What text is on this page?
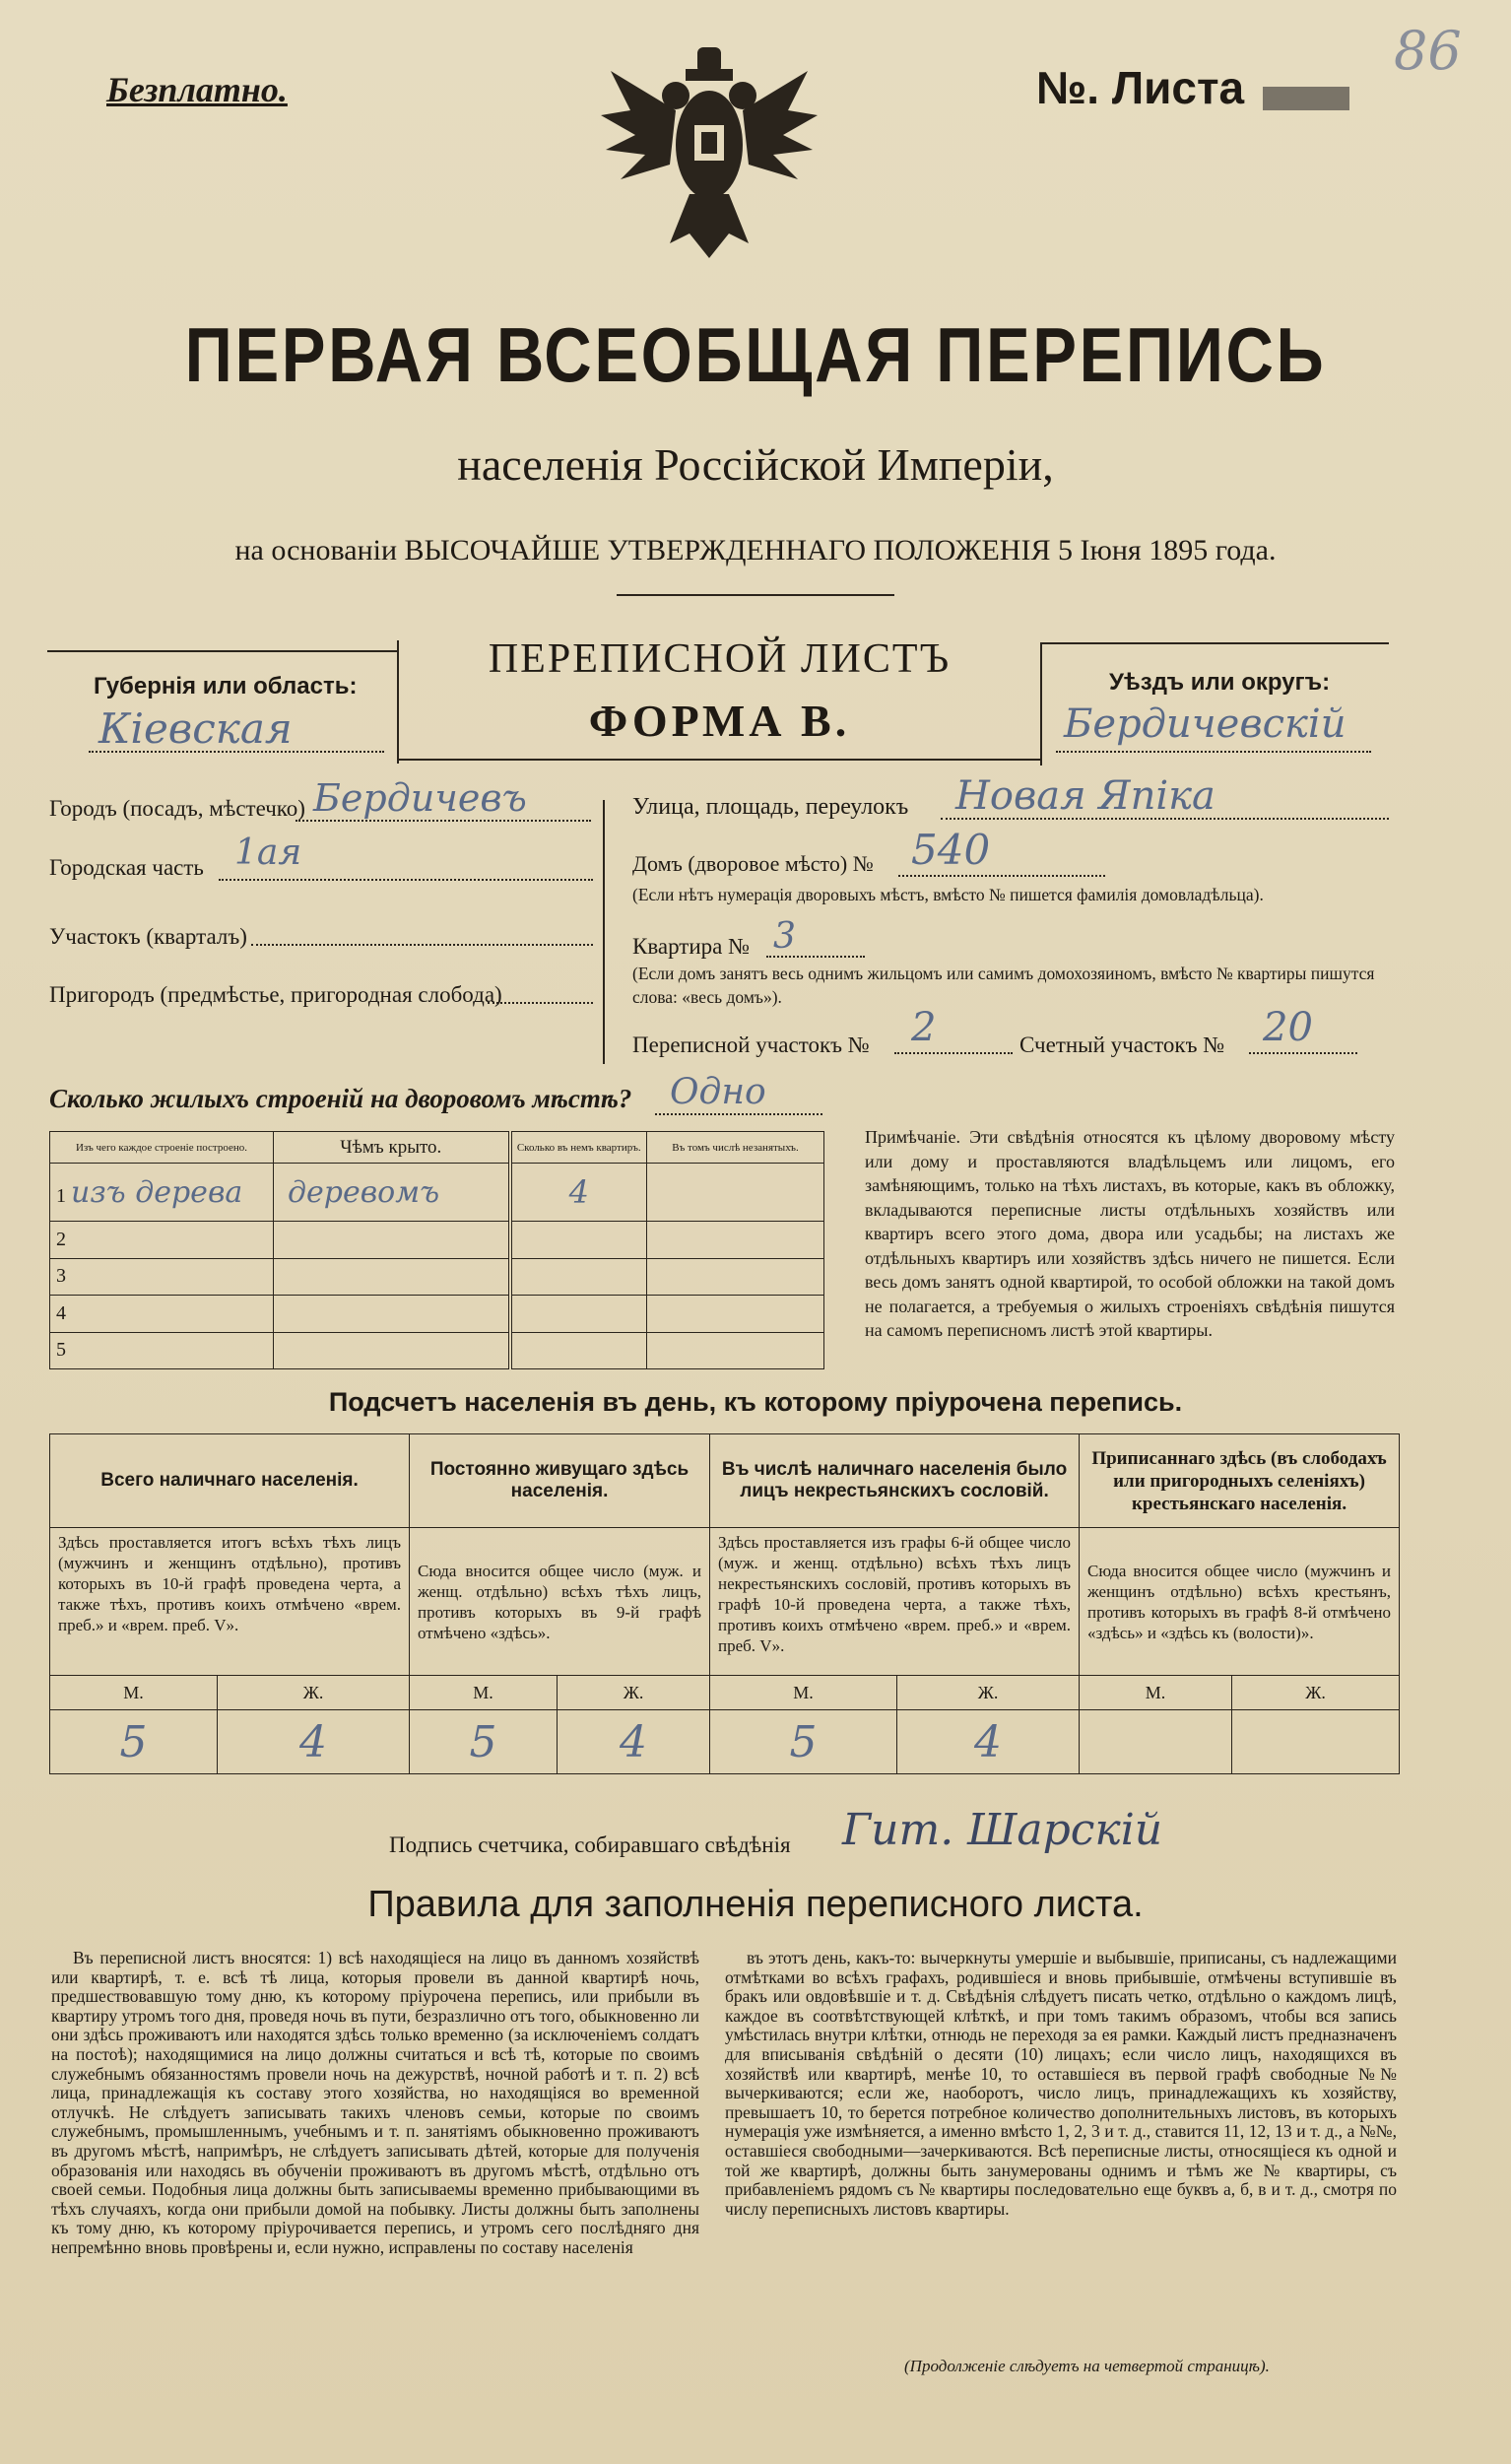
Безплатно.	№. Листа
86
ПЕРВАЯ ВСЕОБЩАЯ ПЕРЕПИСЬ
населенія Россійской Имперіи,
на основаніи ВЫСОЧАЙШЕ УТВЕРЖДЕННАГО ПОЛОЖЕНІЯ 5 Іюня 1895 года.
Губернія или область:
Кіевская
ПЕРЕПИСНОЙ ЛИСТЪ
ФОРМА В.
Уѣздъ или округъ:
Бердичевскій
Городъ (посадъ, мѣстечко) Бердичевъ
Городская часть 1ая
Участокъ (кварталъ)
Пригородъ (предмѣстье, пригородная слобода)
Улица, площадь, переулокъ Новая Япіка
Домъ (дворовое мѣсто) № 540
(Если нѣтъ нумерація дворовыхъ мѣстъ, вмѣсто № пишется фамилія домовладѣльца).
Квартира № 3
(Если домъ занятъ весь однимъ жильцомъ или самимъ домохозяиномъ, вмѣсто № квартиры пишутся слова: «весь домъ»).
Переписной участокъ № 2	Счетный участокъ № 20
Сколько жилыхъ строеній на дворовомъ мѣстѣ? Одно
Изъ чего каждое строеніе построено.	Чѣмъ крыто.	Сколько въ немъ квартиръ.	Въ томъ числѣ незанятыхъ.
1 изъ дерева	деревомъ	4	
2			
3			
4			
5			
Примѣчаніе. Эти свѣдѣнія относятся къ цѣлому дворовому мѣсту или дому и проставляются владѣльцемъ или лицомъ, его замѣняющимъ, только на тѣхъ листахъ, въ которые, какъ въ обложку, вкладываются переписные листы отдѣльныхъ хозяйствъ или квартиръ всего этого дома, двора или усадьбы; на листахъ же отдѣльныхъ квартиръ или хозяйствъ здѣсь ничего не пишется. Если весь домъ занятъ одной квартирой, то особой обложки на такой домъ не полагается, а требуемыя о жилыхъ строеніяхъ свѣдѣнія пишутся на самомъ переписномъ листѣ этой квартиры.
Подсчетъ населенія въ день, къ которому пріурочена перепись.
Всего наличнаго населенія.		Постоянно живущаго здѣсь населенія.		Въ числѣ наличнаго населенія было лицъ некрестьянскихъ сословій.		Приписаннаго здѣсь (въ слободахъ или пригородныхъ селеніяхъ) крестьянскаго населенія.	
Здѣсь проставляется итогъ всѣхъ тѣхъ лицъ (мужчинъ и женщинъ отдѣльно), противъ которыхъ въ 10-й графѣ проведена черта, а также тѣхъ, противъ коихъ отмѣчено «врем. преб.» и «врем. преб. V».		Сюда вносится общее число (муж. и женщ. отдѣльно) всѣхъ тѣхъ лицъ, противъ которыхъ въ 9-й графѣ отмѣчено «здѣсь».		Здѣсь проставляется изъ графы 6-й общее число (муж. и женщ. отдѣльно) всѣхъ тѣхъ лицъ некрестьянскихъ сословій, противъ которыхъ въ графѣ 10-й проведена черта, а также тѣхъ, противъ коихъ отмѣчено «врем. преб.» и «врем. преб. V».		Сюда вносится общее число (мужчинъ и женщинъ отдѣльно) всѣхъ крестьянъ, противъ которыхъ въ графѣ 8-й отмѣчено «здѣсь» и «здѣсь къ (волости)».	
М.	Ж.	М.	Ж.	М.	Ж.	М.	Ж.
5	4	5	4	5	4		
Подпись счетчика, собиравшаго свѣдѣнія Гит. Шарскій
Правила для заполненія переписного листа.
Въ переписной листъ вносятся: 1) всѣ находящіеся на лицо въ данномъ хозяйствѣ или квартирѣ, т. е. всѣ тѣ лица, которыя провели въ данной квартирѣ ночь, предшествовавшую тому дню, къ которому пріурочена перепись, или прибыли въ квартиру утромъ того дня, проведя ночь въ пути, безразлично отъ того, обыкновенно ли они здѣсь проживаютъ или находятся здѣсь только временно (за исключеніемъ солдатъ на постоѣ); находящимися на лицо должны считаться и всѣ тѣ, которые по своимъ служебнымъ обязанностямъ провели ночь на дежурствѣ, ночной работѣ и т. п. 2) всѣ лица, принадлежащія къ составу этого хозяйства, но находящіяся во временной отлучкѣ. Не слѣдуетъ записывать такихъ членовъ семьи, которые по своимъ служебнымъ, промышленнымъ, учебнымъ и т. п. занятіямъ обыкновенно проживаютъ въ другомъ мѣстѣ, напримѣръ, не слѣдуетъ записывать дѣтей, которые для полученія образованія или находясь въ обученіи проживаютъ въ другомъ мѣстѣ, отдѣльно отъ своей семьи. Подобныя лица должны быть записываемы временно прибывающими въ тѣхъ случаяхъ, когда они прибыли домой на побывку. Листы должны быть заполнены къ тому дню, къ которому пріурочивается перепись, и утромъ сего послѣдняго дня непремѣнно вновь провѣрены и, если нужно, исправлены по составу населенія
въ этотъ день, какъ-то: вычеркнуты умершіе и выбывшіе, приписаны, съ надлежащими отмѣтками во всѣхъ графахъ, родившіеся и вновь прибывшіе, отмѣчены вступившіе въ бракъ или овдовѣвшіе и т. д. Свѣдѣнія слѣдуетъ писать четко, отдѣльно о каждомъ лицѣ, каждое въ соотвѣтствующей клѣткѣ, и при томъ такимъ образомъ, чтобы вся запись умѣстилась внутри клѣтки, отнюдь не переходя за ея рамки. Каждый листъ предназначенъ для вписыванія свѣдѣній о десяти (10) лицахъ; если число лицъ, находящихся въ хозяйствѣ или квартирѣ, менѣе 10, то оставшіеся въ первой графѣ свободные №№ вычеркиваются; если же, наоборотъ, число лицъ, принадлежащихъ къ хозяйству, превышаетъ 10, то берется потребное количество дополнительныхъ листовъ, въ которыхъ нумерація уже измѣняется, а именно вмѣсто 1, 2, 3 и т. д., ставится 11, 12, 13 и т. д., а №№, оставшіеся свободными—зачеркиваются. Всѣ переписные листы, относящіеся къ одной и той же квартирѣ, должны быть занумерованы однимъ и тѣмъ же № квартиры, съ прибавленіемъ рядомъ съ № квартиры последовательно еще буквъ а, б, в и т. д., смотря по числу переписныхъ листовъ квартиры.
(Продолженіе слѣдуетъ на четвертой страницѣ).
